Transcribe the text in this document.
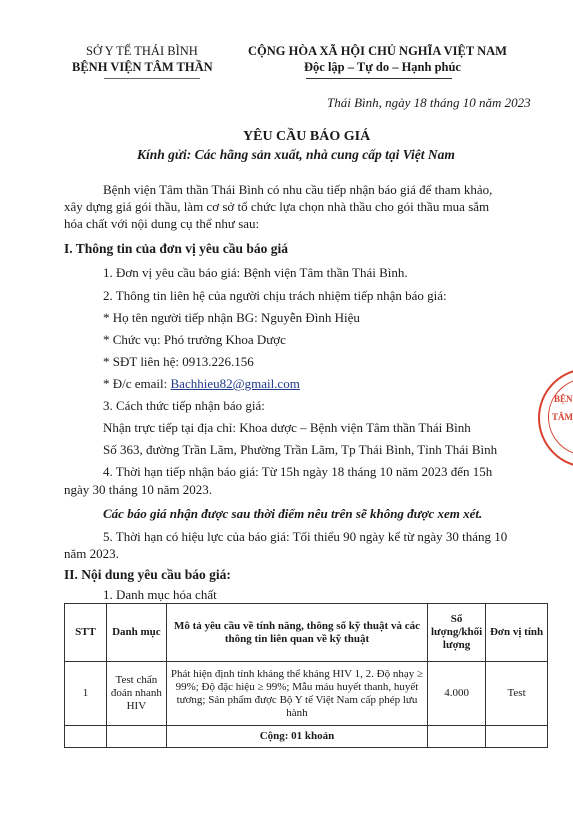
SỞ Y TẾ THÁI BÌNH
BỆNH VIỆN TÂM THẦN
CỘNG HÒA XÃ HỘI CHỦ NGHĨA VIỆT NAM
Độc lập – Tự do – Hạnh phúc
Thái Bình, ngày 18 tháng 10 năm 2023
YÊU CẦU BÁO GIÁ
Kính gửi: Các hãng sản xuất, nhà cung cấp tại Việt Nam
Bệnh viện Tâm thần Thái Bình có nhu cầu tiếp nhận báo giá để tham khảo,
xây dựng giá gói thầu, làm cơ sở tổ chức lựa chọn nhà thầu cho gói thầu mua sắm
hóa chất với nội dung cụ thể như sau:
I. Thông tin của đơn vị yêu cầu báo giá
1. Đơn vị yêu cầu báo giá: Bệnh viện Tâm thần Thái Bình.
2. Thông tin liên hệ của người chịu trách nhiệm tiếp nhận báo giá:
* Họ tên người tiếp nhận BG: Nguyễn Đình Hiệu
* Chức vụ: Phó trưởng Khoa Dược
* SĐT liên hệ: 0913.226.156
* Đ/c email: Bachhieu82@gmail.com
3. Cách thức tiếp nhận báo giá:
Nhận trực tiếp tại địa chỉ: Khoa dược – Bệnh viện Tâm thần Thái Bình
Số 363, đường Trần Lãm, Phường Trần Lãm, Tp Thái Bình, Tỉnh Thái Bình
4. Thời hạn tiếp nhận báo giá: Từ 15h ngày 18 tháng 10 năm 2023 đến 15h
ngày 30 tháng 10 năm 2023.
Các báo giá nhận được sau thời điểm nêu trên sẽ không được xem xét.
5. Thời hạn có hiệu lực của báo giá: Tối thiểu 90 ngày kể từ ngày 30 tháng 10
năm 2023.
II. Nội dung yêu cầu báo giá:
1. Danh mục hóa chất
STT	Danh mục	Mô tả yêu cầu về tính năng, thông số kỹ thuật và các thông tin liên quan về kỹ thuật	Số lượng/khối lượng	Đơn vị tính
1	Test chẩn đoán nhanh HIV	Phát hiện định tính kháng thể kháng HIV 1, 2. Độ nhạy ≥ 99%; Độ đặc hiệu ≥ 99%; Mẫu máu huyết thanh, huyết tương; Sản phẩm được Bộ Y tế Việt Nam cấp phép lưu hành	4.000	Test
		Cộng: 01 khoản		
BỆN
TÂM
